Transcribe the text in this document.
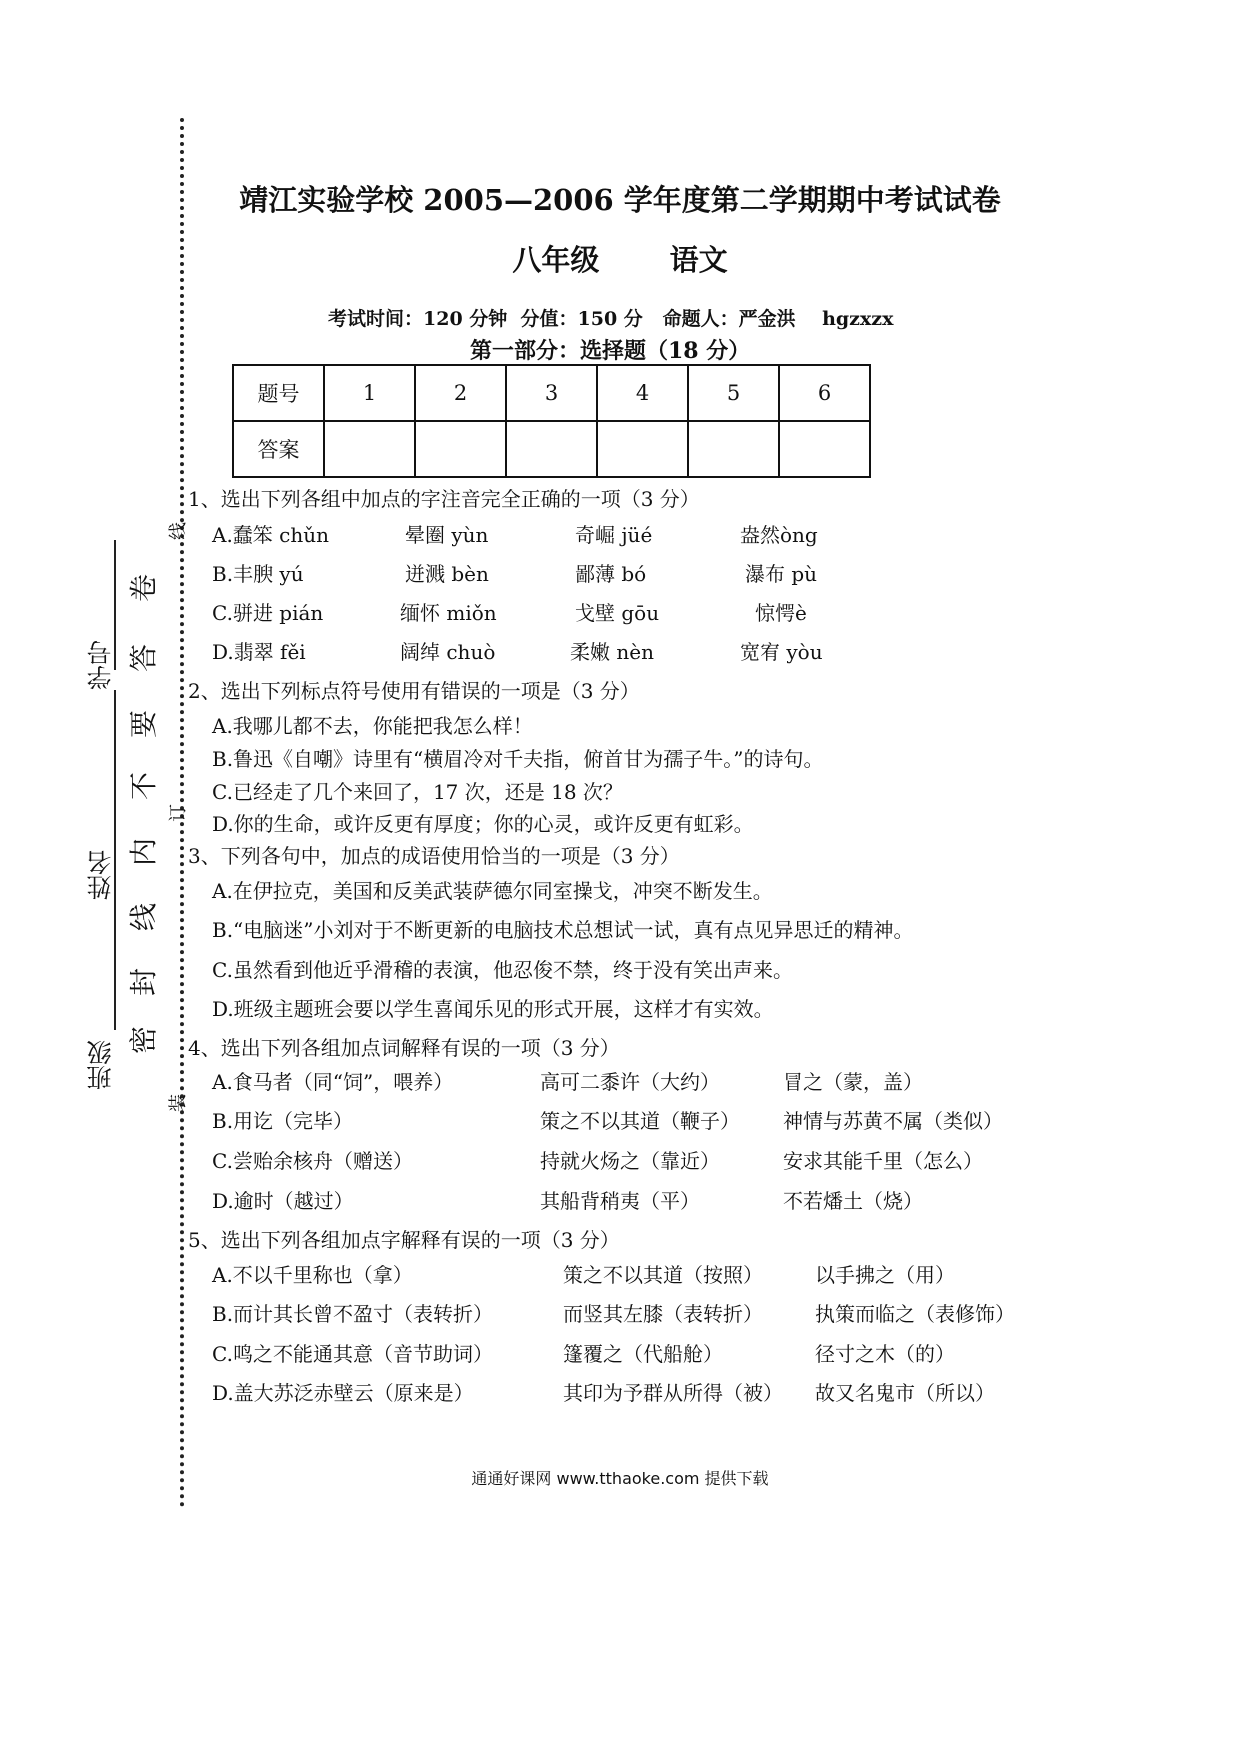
学号
姓名
班级
卷
答
要
不
内
线
封
密
线
订
装
靖江实验学校 2005—2006 学年度第二学期期中考试试卷
八年级 语文
考试时间：120 分钟  分值：150 分   命题人：严金洪    hgzxzx
第一部分：选择题（18 分）
题号	1	2	3	4	5	6
答案						
1、选出下列各组中加点的字注音完全正确的一项（3 分）
A.蠢笨 chǔn	晕圈 yùn	奇崛 jüé	盎然òng
B.丰腴 yú	迸溅 bèn	鄙薄 bó	瀑布 pù
C.骈进 pián	缅怀 miǒn	戈壁 gōu	惊愕è
D.翡翠 fěi	阔绰 chuò	柔嫩 nèn	宽宥 yòu
2、选出下列标点符号使用有错误的一项是（3 分）
A.我哪儿都不去，你能把我怎么样！
B.鲁迅《自嘲》诗里有“横眉冷对千夫指，俯首甘为孺子牛。”的诗句。
C.已经走了几个来回了，17 次，还是 18 次？
D.你的生命，或许反更有厚度；你的心灵，或许反更有虹彩。
3、下列各句中，加点的成语使用恰当的一项是（3 分）
A.在伊拉克，美国和反美武装萨德尔同室操戈，冲突不断发生。
B.“电脑迷”小刘对于不断更新的电脑技术总想试一试，真有点见异思迁的精神。
C.虽然看到他近乎滑稽的表演，他忍俊不禁，终于没有笑出声来。
D.班级主题班会要以学生喜闻乐见的形式开展，这样才有实效。
4、选出下列各组加点词解释有误的一项（3 分）
A.食马者（同“饲”，喂养）	高可二黍许（大约）	冒之（蒙，盖）
B.用讫（完毕）	策之不以其道（鞭子） 神情与苏黄不属（类似）
C.尝贻余核舟（赠送）	持就火炀之（靠近）	安求其能千里（怎么）
D.逾时（越过）	其船背稍夷（平）	不若燔土（烧）
5、选出下列各组加点字解释有误的一项（3 分）
A.不以千里称也（拿）	策之不以其道（按照）	以手拂之（用）
B.而计其长曾不盈寸（表转折）	而竖其左膝（表转折）	执策而临之（表修饰）
C.鸣之不能通其意（音节助词）	篷覆之（代船舱）	径寸之木（的）
D.盖大苏泛赤壁云（原来是）	其印为予群从所得（被） 故又名鬼市（所以）
通通好课网 www.tthaoke.com 提供下载
